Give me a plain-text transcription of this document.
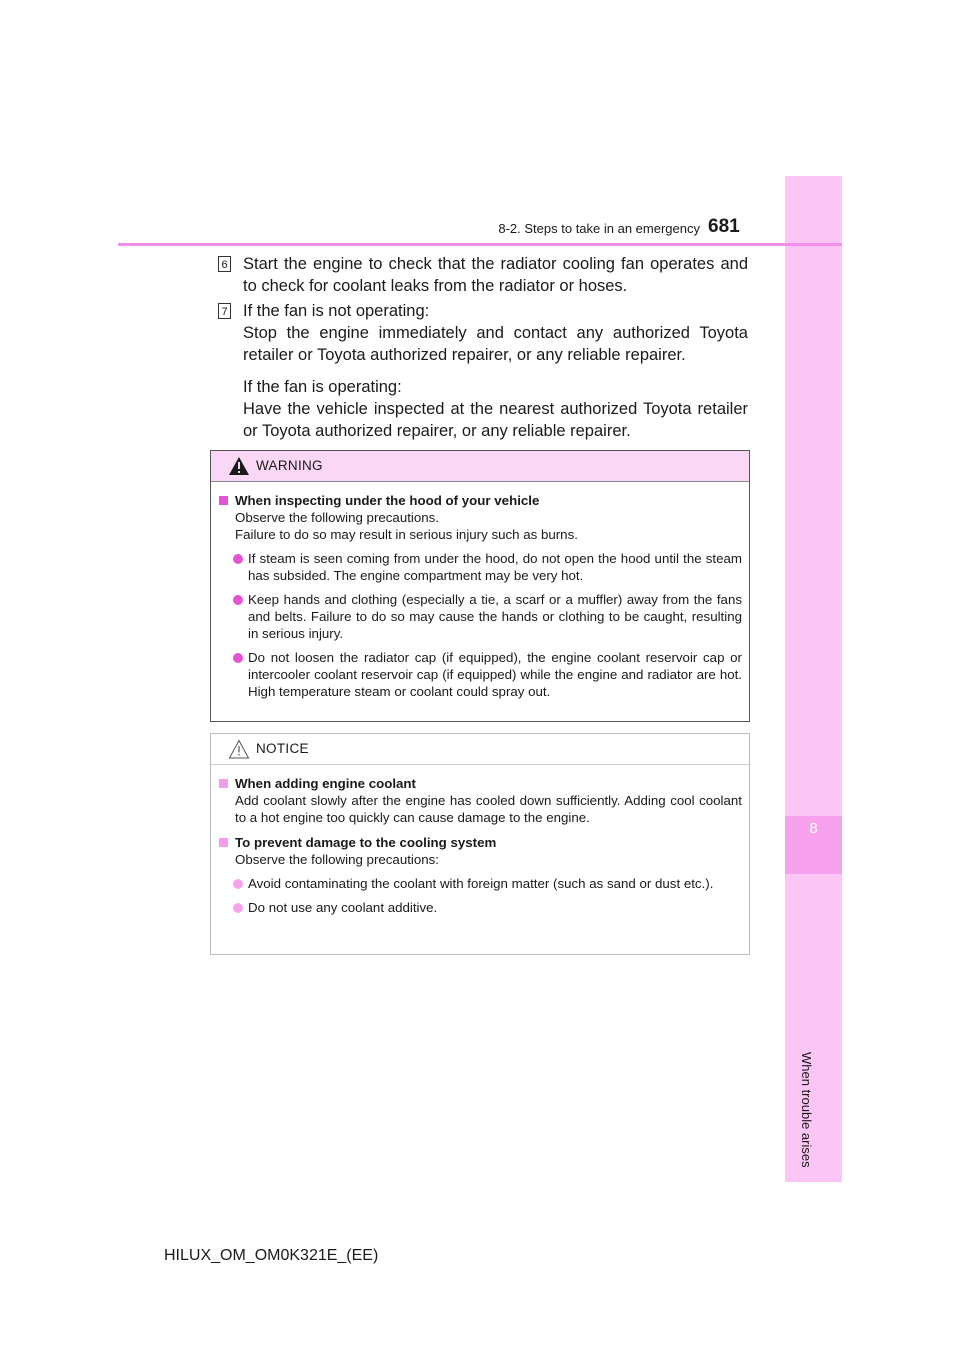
8
When trouble arises
8-2. Steps to take in an emergency 681
6 Start the engine to check that the radiator cooling fan operates and to check for coolant leaks from the radiator or hoses.

7 If the fan is not operating:

Stop the engine immediately and contact any authorized Toyota retailer or Toyota authorized repairer, or any reliable repairer.

If the fan is operating:

Have the vehicle inspected at the nearest authorized Toyota retailer or Toyota authorized repairer, or any reliable repairer.

WARNING
When inspecting under the hood of your vehicle
Observe the following precautions.
Failure to do so may result in serious injury such as burns.
If steam is seen coming from under the hood, do not open the hood until the steam has subsided. The engine compartment may be very hot.
Keep hands and clothing (especially a tie, a scarf or a muffler) away from the fans and belts. Failure to do so may cause the hands or clothing to be caught, resulting in serious injury.
Do not loosen the radiator cap (if equipped), the engine coolant reservoir cap or intercooler coolant reservoir cap (if equipped) while the engine and radiator are hot. High temperature steam or coolant could spray out.
NOTICE
When adding engine coolant
Add coolant slowly after the engine has cooled down sufficiently. Adding cool coolant to a hot engine too quickly can cause damage to the engine.
To prevent damage to the cooling system
Observe the following precautions:
Avoid contaminating the coolant with foreign matter (such as sand or dust etc.).
Do not use any coolant additive.
HILUX_OM_OM0K321E_(EE)
